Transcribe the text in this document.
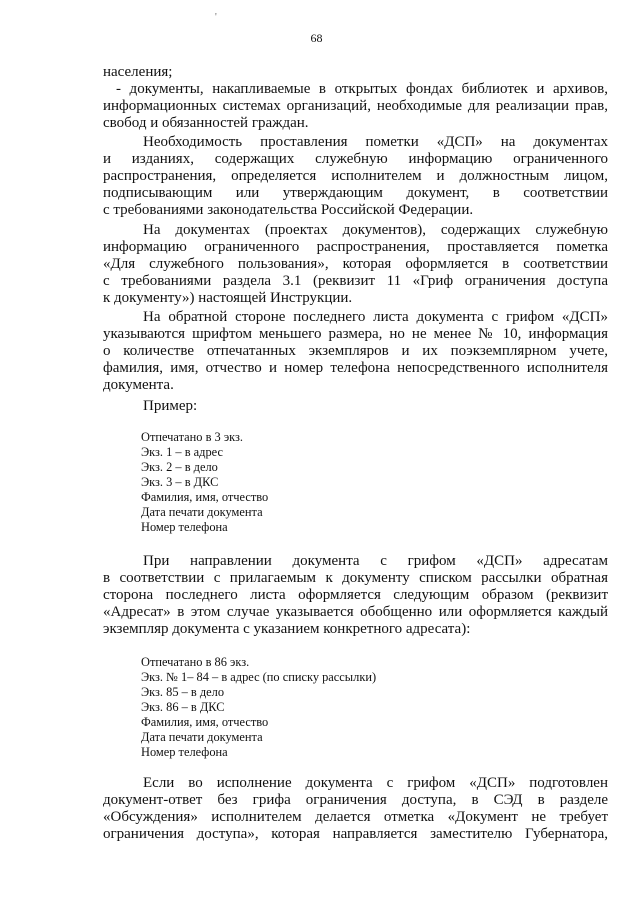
'
68
населения;
- документы, накапливаемые в открытых фондах библиотек и архивов,
информационных системах организаций, необходимые для реализации прав,
свобод и обязанностей граждан.
Необходимость проставления пометки «ДСП» на документах
и изданиях, содержащих служебную информацию ограниченного
распространения, определяется исполнителем и должностным лицом,
подписывающим или утверждающим документ, в соответствии
с требованиями законодательства Российской Федерации.
На документах (проектах документов), содержащих служебную
информацию ограниченного распространения, проставляется пометка
«Для служебного пользования», которая оформляется в соответствии
с требованиями раздела 3.1 (реквизит 11 «Гриф ограничения доступа
к документу») настоящей Инструкции.
На обратной стороне последнего листа документа с грифом «ДСП»
указываются шрифтом меньшего размера, но не менее № 10, информация
о количестве отпечатанных экземпляров и их поэкземплярном учете,
фамилия, имя, отчество и номер телефона непосредственного исполнителя
документа.
Пример:
Отпечатано в 3 экз.
Экз. 1 – в адрес
Экз. 2 – в дело
Экз. 3 – в ДКС
Фамилия, имя, отчество
Дата печати документа
Номер телефона
При направлении документа с грифом «ДСП» адресатам
в соответствии с прилагаемым к документу списком рассылки обратная
сторона последнего листа оформляется следующим образом (реквизит
«Адресат» в этом случае указывается обобщенно или оформляется каждый
экземпляр документа с указанием конкретного адресата):
Отпечатано в 86 экз.
Экз. № 1– 84 – в адрес (по списку рассылки)
Экз. 85 – в дело
Экз. 86 – в ДКС
Фамилия, имя, отчество
Дата печати документа
Номер телефона
Если во исполнение документа с грифом «ДСП» подготовлен
документ-ответ без грифа ограничения доступа, в СЭД в разделе
«Обсуждения» исполнителем делается отметка «Документ не требует
ограничения доступа», которая направляется заместителю Губернатора,
